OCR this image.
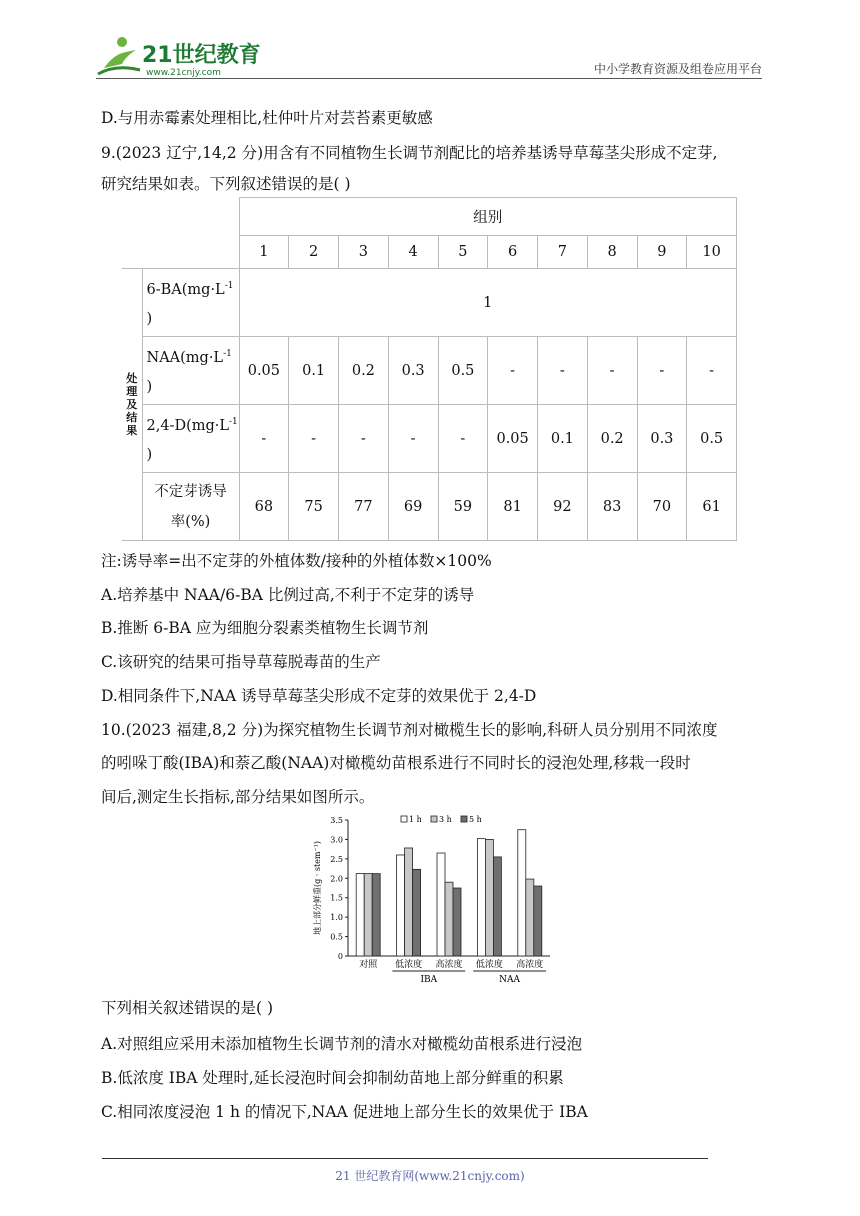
21世纪教育
www.21cnjy.com	中小学教育资源及组卷应用平台
D.与用赤霉素处理相比,杜仲叶片对芸苔素更敏感
9.(2023 辽宁,14,2 分)用含有不同植物生长调节剂配比的培养基诱导草莓茎尖形成不定芽,
研究结果如表。下列叙述错误的是( )
		组别									
		1	2	3	4	5	6	7	8	9	10

处理及结果	$6-BA(mg\cdot L^{-1}$
)	1									
	$NAA(mg\cdot L^{-1}$
)	0.05	0.1	0.2	0.3	0.5	-	-	-	-	-
	$2,4-D(mg\cdot L^{-1}$
)	-	-	-	-	-	0.05	0.1	0.2	0.3	0.5
	不定芽诱导
率(%)	68	75	77	69	59	81	92	83	70	61
注:诱导率=出不定芽的外植体数/接种的外植体数×100%
A.培养基中 NAA/6-BA 比例过高,不利于不定芽的诱导
B.推断 6-BA 应为细胞分裂素类植物生长调节剂
C.该研究的结果可指导草莓脱毒苗的生产
D.相同条件下,NAA 诱导草莓茎尖形成不定芽的效果优于 2,4-D
10.(2023 福建,8,2 分)为探究植物生长调节剂对橄榄生长的影响,科研人员分别用不同浓度
的吲哚丁酸(IBA)和萘乙酸(NAA)对橄榄幼苗根系进行不同时长的浸泡处理,移栽一段时
间后,测定生长指标,部分结果如图所示。
0
0.5
1.0
1.5
2.0
2.5
3.0
3.5
地上部分鲜重(g · stem⁻¹)
对照 低浓度 高浓度 低浓度 高浓度
IBA	NAA
1 h 3 h 5 h
下列相关叙述错误的是( )
A.对照组应采用未添加植物生长调节剂的清水对橄榄幼苗根系进行浸泡
B.低浓度 IBA 处理时,延长浸泡时间会抑制幼苗地上部分鲜重的积累
C.相同浓度浸泡 1 h 的情况下,NAA 促进地上部分生长的效果优于 IBA
21 世纪教育网(www.21cnjy.com)
